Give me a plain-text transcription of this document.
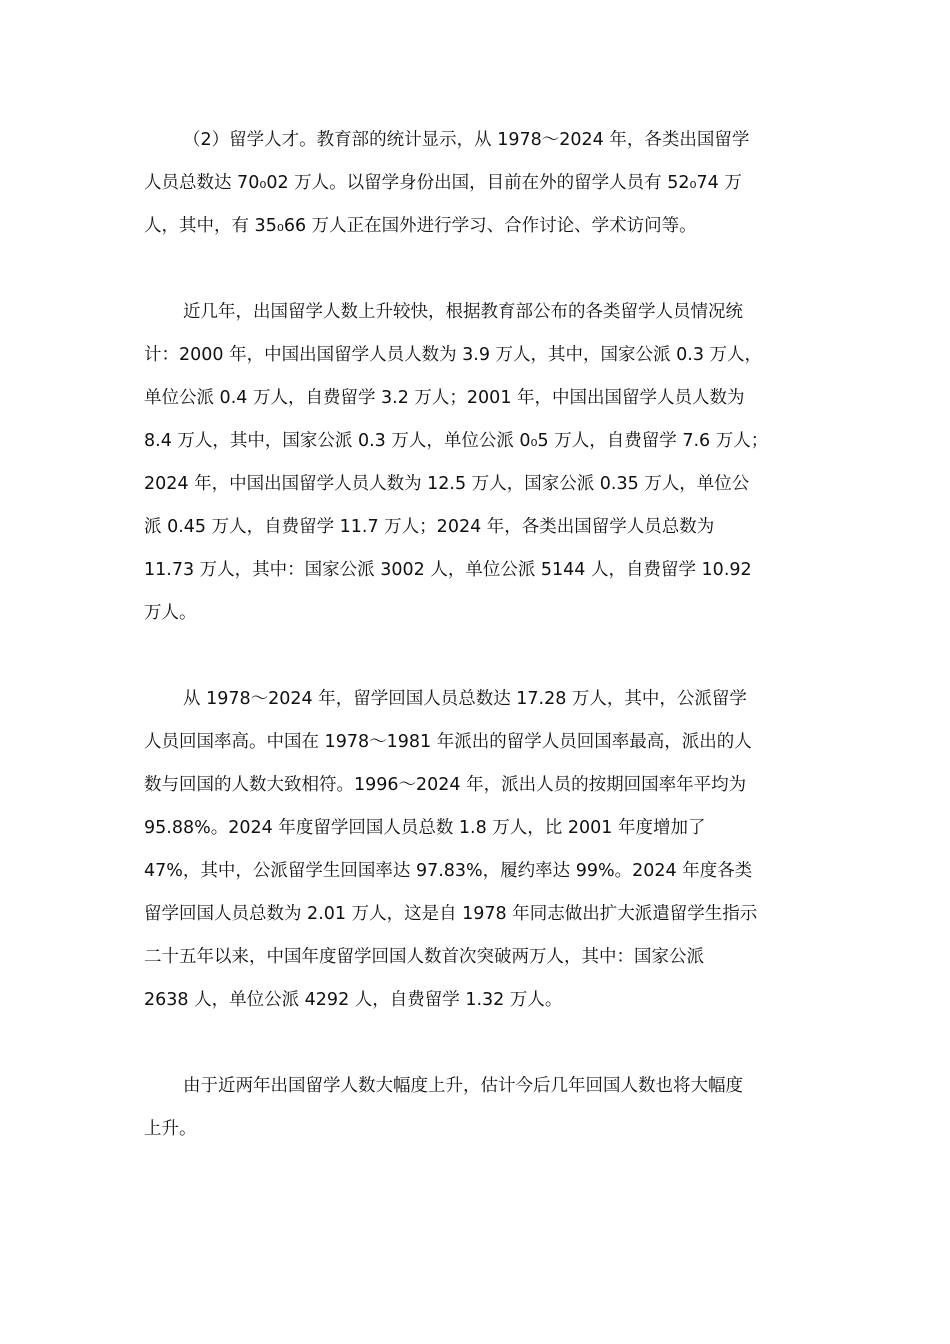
（2）留学人才。教育部的统计显示，从 1978～2024 年，各类出国留学
人员总数达 70₀02 万人。以留学身份出国，目前在外的留学人员有 52₀74 万
人，其中，有 35₀66 万人正在国外进行学习、合作讨论、学术访问等。
近几年，出国留学人数上升较快，根据教育部公布的各类留学人员情况统
计：2000 年，中国出国留学人员人数为 3.9 万人，其中，国家公派 0.3 万人，
单位公派 0.4 万人，自费留学 3.2 万人；2001 年，中国出国留学人员人数为
8.4 万人，其中，国家公派 0.3 万人，单位公派 0₀5 万人，自费留学 7.6 万人；
2024 年，中国出国留学人员人数为 12.5 万人，国家公派 0.35 万人，单位公
派 0.45 万人，自费留学 11.7 万人；2024 年，各类出国留学人员总数为
11.73 万人，其中：国家公派 3002 人，单位公派 5144 人，自费留学 10.92
万人。
从 1978～2024 年，留学回国人员总数达 17.28 万人，其中，公派留学
人员回国率高。中国在 1978～1981 年派出的留学人员回国率最高，派出的人
数与回国的人数大致相符。1996～2024 年，派出人员的按期回国率年平均为
95.88%。2024 年度留学回国人员总数 1.8 万人，比 2001 年度增加了
47%，其中，公派留学生回国率达 97.83%，履约率达 99%。2024 年度各类
留学回国人员总数为 2.01 万人，这是自 1978 年同志做出扩大派遣留学生指示
二十五年以来，中国年度留学回国人数首次突破两万人，其中：国家公派
2638 人，单位公派 4292 人，自费留学 1.32 万人。
由于近两年出国留学人数大幅度上升，估计今后几年回国人数也将大幅度
上升。
